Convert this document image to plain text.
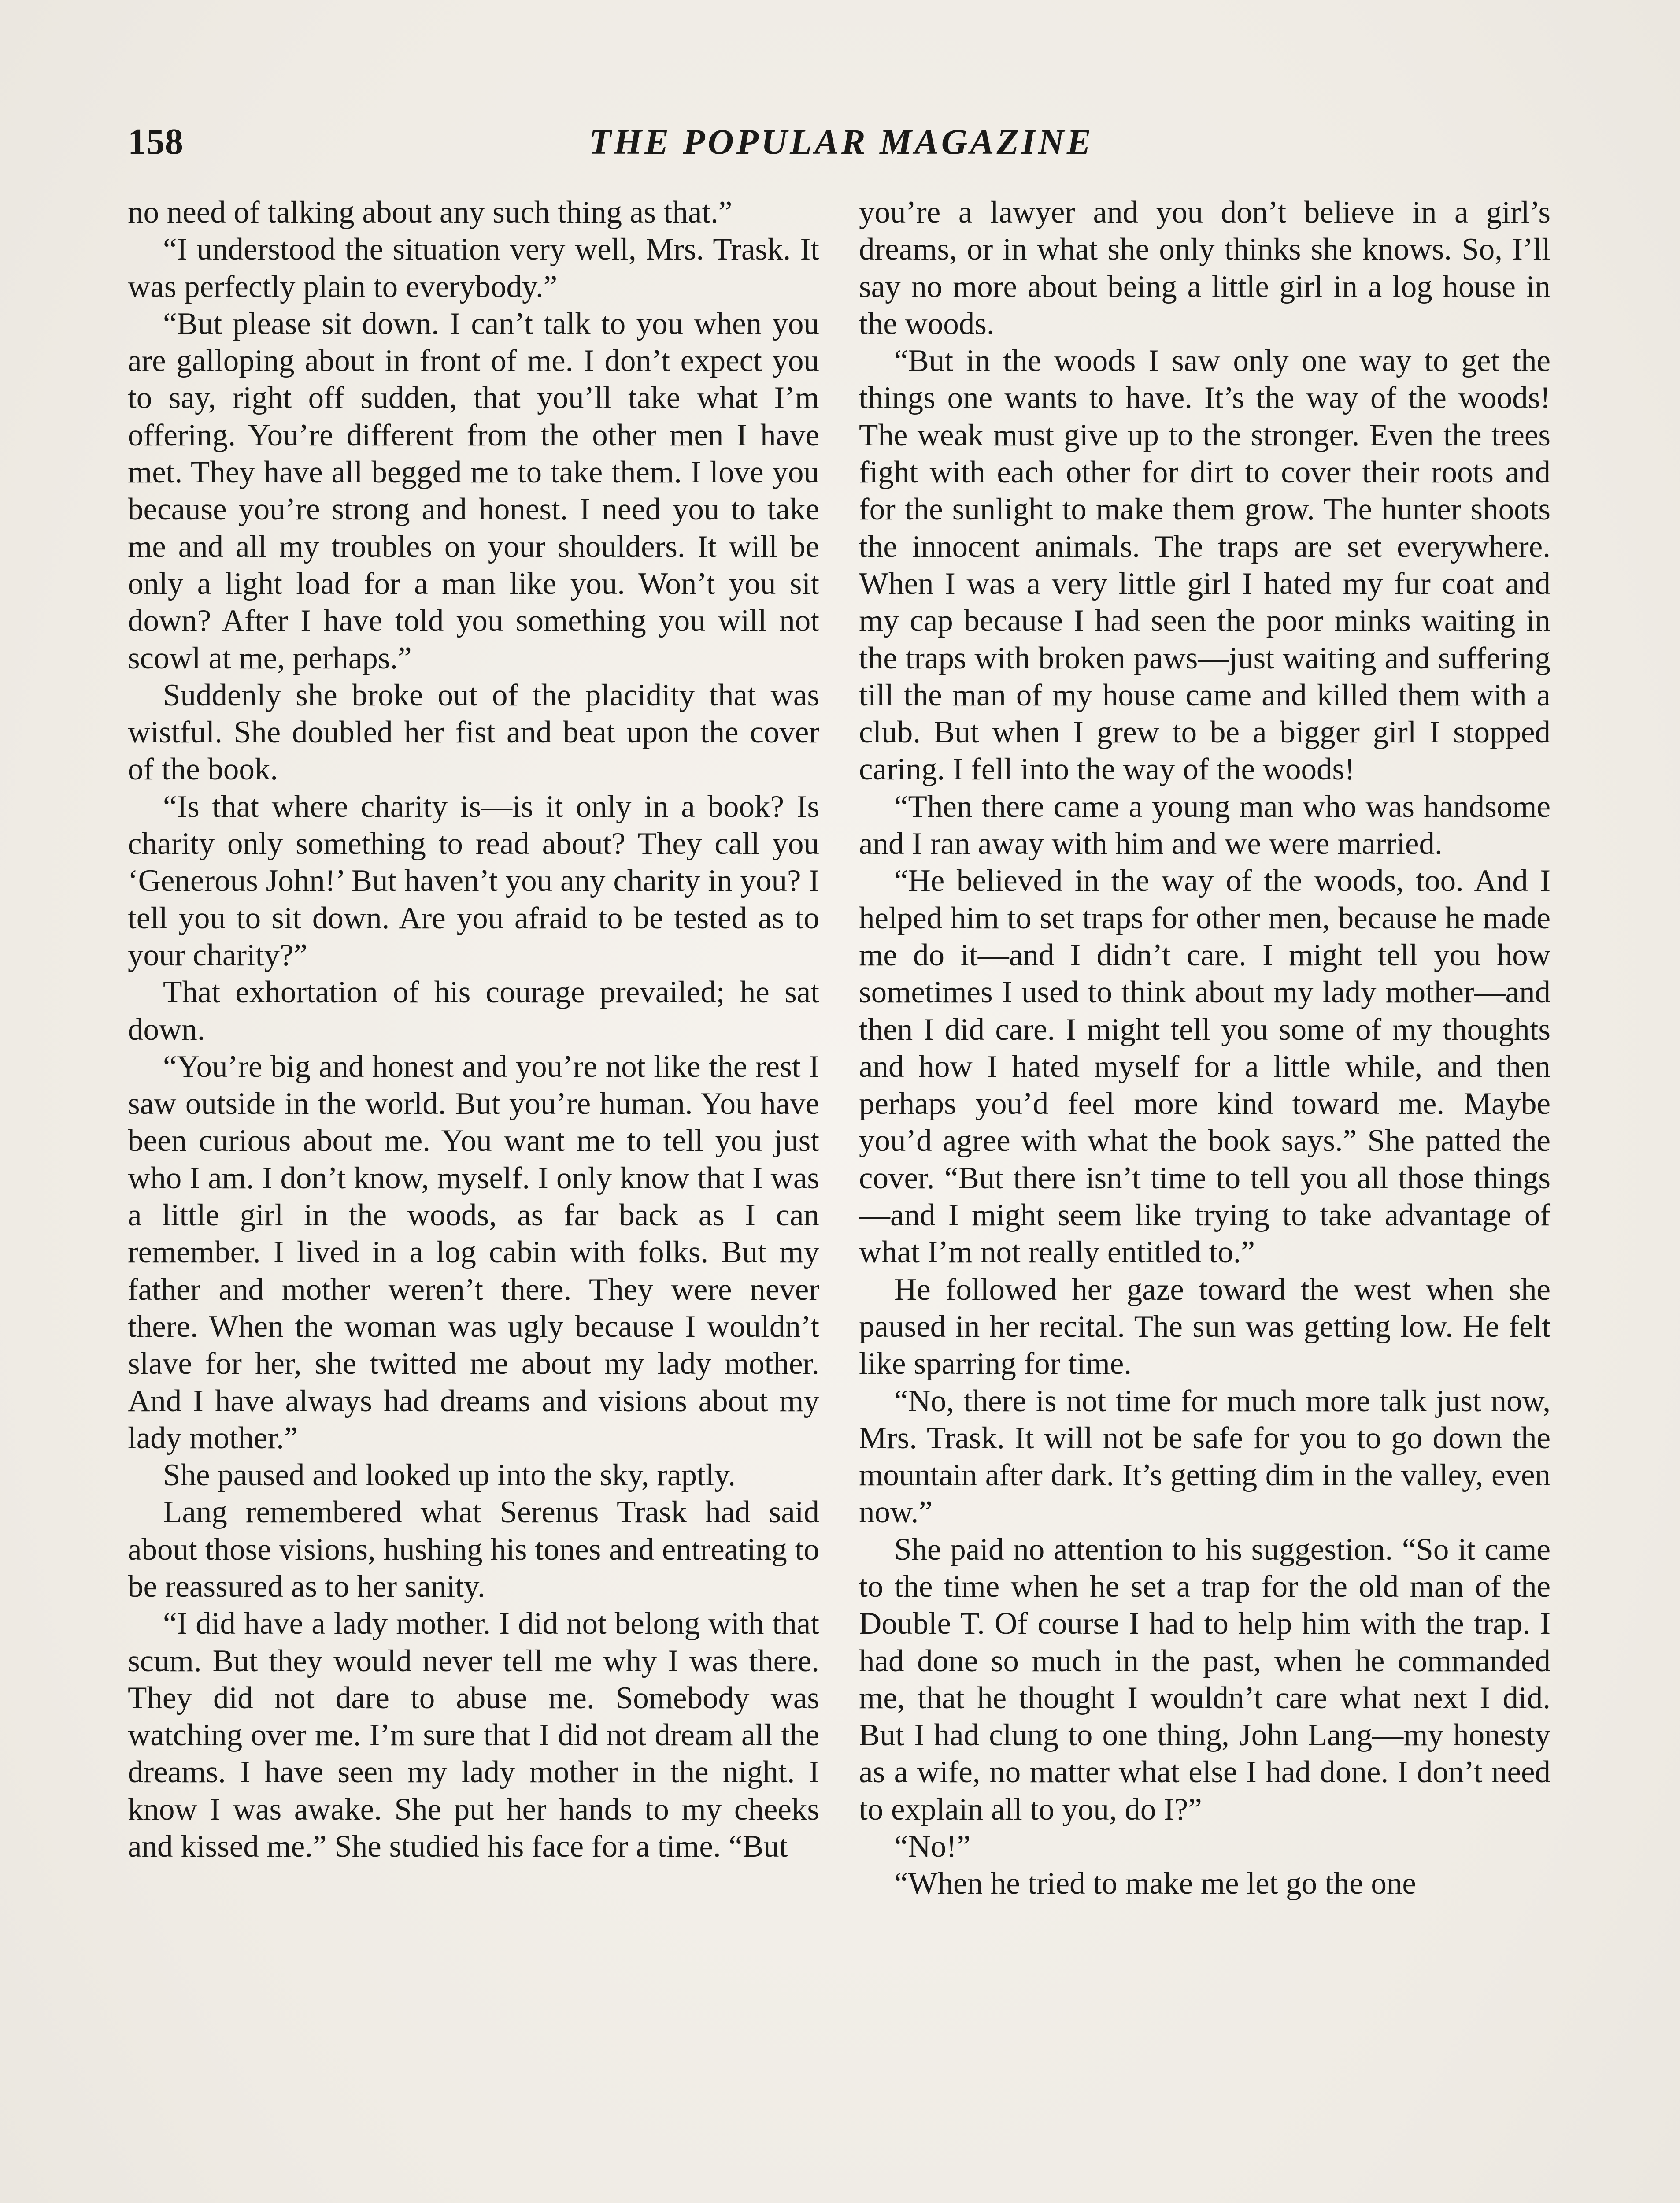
158	THE POPULAR MAGAZINE

no need of talking about any such thing as that.”

“I understood the situation very well, Mrs. Trask. It was perfectly plain to everybody.”

“But please sit down. I can’t talk to you when you are galloping about in front of me. I don’t expect you to say, right off sudden, that you’ll take what I’m offering. You’re different from the other men I have met. They have all begged me to take them. I love you because you’re strong and honest. I need you to take me and all my troubles on your shoulders. It will be only a light load for a man like you. Won’t you sit down? After I have told you something you will not scowl at me, perhaps.”

Suddenly she broke out of the placidity that was wistful. She doubled her fist and beat upon the cover of the book.

“Is that where charity is—is it only in a book? Is charity only something to read about? They call you ‘Generous John!’ But haven’t you any charity in you? I tell you to sit down. Are you afraid to be tested as to your charity?”

That exhortation of his courage prevailed; he sat down.

“You’re big and honest and you’re not like the rest I saw outside in the world. But you’re human. You have been curious about me. You want me to tell you just who I am. I don’t know, myself. I only know that I was a little girl in the woods, as far back as I can remember. I lived in a log cabin with folks. But my father and mother weren’t there. They were never there. When the woman was ugly because I wouldn’t slave for her, she twitted me about my lady mother. And I have always had dreams and visions about my lady mother.”

She paused and looked up into the sky, raptly.

Lang remembered what Serenus Trask had said about those visions, hushing his tones and entreating to be reassured as to her sanity.

“I did have a lady mother. I did not belong with that scum. But they would never tell me why I was there. They did not dare to abuse me. Somebody was watching over me. I’m sure that I did not dream all the dreams. I have seen my lady mother in the night. I know I was awake. She put her hands to my cheeks and kissed me.” She studied his face for a time. “But

you’re a lawyer and you don’t believe in a girl’s dreams, or in what she only thinks she knows. So, I’ll say no more about being a little girl in a log house in the woods.

“But in the woods I saw only one way to get the things one wants to have. It’s the way of the woods! The weak must give up to the stronger. Even the trees fight with each other for dirt to cover their roots and for the sunlight to make them grow. The hunter shoots the innocent animals. The traps are set everywhere. When I was a very little girl I hated my fur coat and my cap because I had seen the poor minks waiting in the traps with broken paws—just waiting and suffering till the man of my house came and killed them with a club. But when I grew to be a bigger girl I stopped caring. I fell into the way of the woods!

“Then there came a young man who was handsome and I ran away with him and we were married.

“He believed in the way of the woods, too. And I helped him to set traps for other men, because he made me do it—and I didn’t care. I might tell you how sometimes I used to think about my lady mother—and then I did care. I might tell you some of my thoughts and how I hated myself for a little while, and then perhaps you’d feel more kind toward me. Maybe you’d agree with what the book says.” She patted the cover. “But there isn’t time to tell you all those things—and I might seem like trying to take advantage of what I’m not really entitled to.”

He followed her gaze toward the west when she paused in her recital. The sun was getting low. He felt like sparring for time.

“No, there is not time for much more talk just now, Mrs. Trask. It will not be safe for you to go down the mountain after dark. It’s getting dim in the valley, even now.”

She paid no attention to his suggestion. “So it came to the time when he set a trap for the old man of the Double T. Of course I had to help him with the trap. I had done so much in the past, when he commanded me, that he thought I wouldn’t care what next I did. But I had clung to one thing, John Lang—my honesty as a wife, no matter what else I had done. I don’t need to explain all to you, do I?”

“No!”

“When he tried to make me let go the one
